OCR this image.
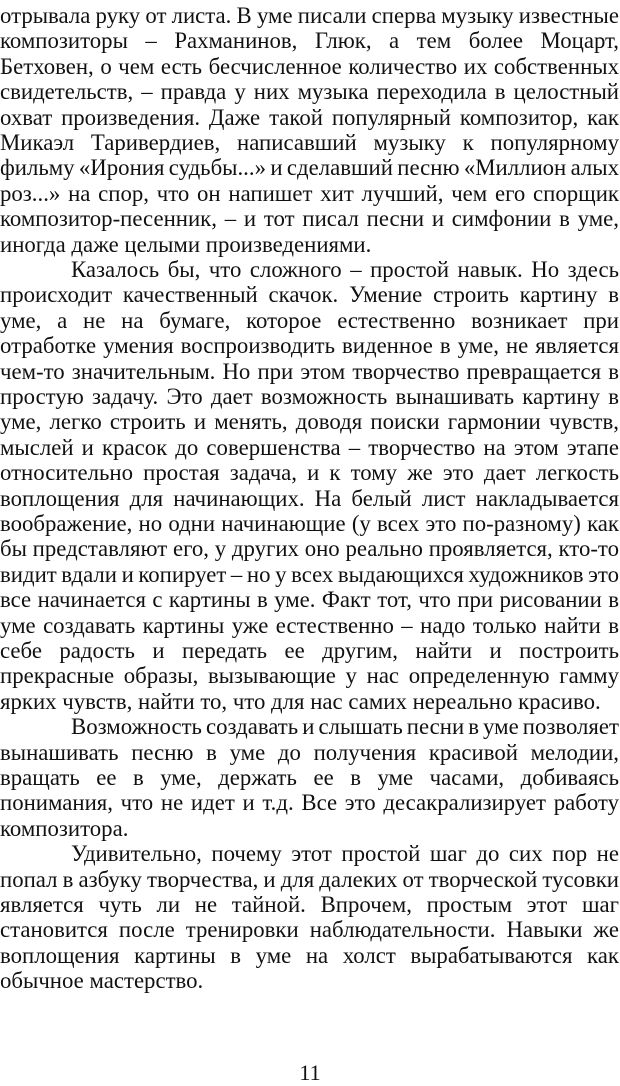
отрывала руку от листа. В уме писали сперва музыку известные
композиторы – Рахманинов, Глюк, а тем более Моцарт,
Бетховен, о чем есть бесчисленное количество их собственных
свидетельств, – правда у них музыка переходила в целостный
охват произведения. Даже такой популярный композитор, как
Микаэл Таривердиев, написавший музыку к популярному
фильму «Ирония судьбы...» и сделавший песню «Миллион алых
роз...» на спор, что он напишет хит лучший, чем его спорщик
композитор-песенник, – и тот писал песни и симфонии в уме,
иногда даже целыми произведениями.
Казалось бы, что сложного – простой навык. Но здесь
происходит качественный скачок. Умение строить картину в
уме, а не на бумаге, которое естественно возникает при
отработке умения воспроизводить виденное в уме, не является
чем-то значительным. Но при этом творчество превращается в
простую задачу. Это дает возможность вынашивать картину в
уме, легко строить и менять, доводя поиски гармонии чувств,
мыслей и красок до совершенства – творчество на этом этапе
относительно простая задача, и к тому же это дает легкость
воплощения для начинающих. На белый лист накладывается
воображение, но одни начинающие (у всех это по-разному) как
бы представляют его, у других оно реально проявляется, кто-то
видит вдали и копирует – но у всех выдающихся художников это
все начинается с картины в уме. Факт тот, что при рисовании в
уме создавать картины уже естественно – надо только найти в
себе радость и передать ее другим, найти и построить
прекрасные образы, вызывающие у нас определенную гамму
ярких чувств, найти то, что для нас самих нереально красиво.
Возможность создавать и слышать песни в уме позволяет
вынашивать песню в уме до получения красивой мелодии,
вращать ее в уме, держать ее в уме часами, добиваясь
понимания, что не идет и т.д. Все это десакрализирует работу
композитора.
Удивительно, почему этот простой шаг до сих пор не
попал в азбуку творчества, и для далеких от творческой тусовки
является чуть ли не тайной. Впрочем, простым этот шаг
становится после тренировки наблюдательности. Навыки же
воплощения картины в уме на холст вырабатываются как
обычное мастерство.
11
